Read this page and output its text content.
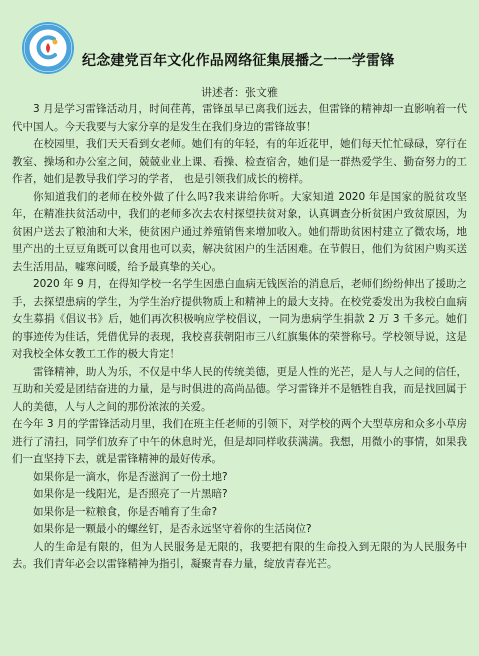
纪念建党百年文化作品网络征集展播之一一学雷锋
讲述者：张文雅

3 月是学习雷锋活动月，时间荏苒，雷锋虽早已离我们远去，但雷锋的精神却一直影响着一代代中国人。今天我要与大家分享的是发生在我们身边的雷锋故事！

在校园里，我们天天看到女老师。她们有的年轻，有的年近花甲，她们每天忙忙碌碌，穿行在教室、操场和办公室之间，兢兢业业上课、看操、检查宿舍，她们是一群热爱学生、勤奋努力的工作者，她们是教导我们学习的学者， 也是引领我们成长的榜样。

你知道我们的老师在校外做了什么吗?我来讲给你听。大家知道 2020 年是国家的脱贫攻坚年，在精准扶贫活动中，我们的老师多次去农村探望扶贫对象，认真调查分析贫困户致贫原因，为贫困户送去了粮油和大米，使贫困户通过养殖销售来增加收入。她们帮助贫困村建立了微农场，地里产出的土豆豆角既可以食用也可以卖，解决贫困户的生活困难。在节假日，他们为贫困户购买送去生活用品，嘘寒问暖，给予最真挚的关心。

2020 年 9 月，在得知学校一名学生因患白血病无钱医治的消息后，老师们纷纷伸出了援助之手，去探望患病的学生，为学生治疗提供物质上和精神上的最大支持。在校党委发出为我校白血病女生募捐《倡议书》后，她们再次积极响应学校倡议，一同为患病学生捐款 2 万 3 千多元。她们的事迹传为佳话，凭借优异的表现，我校喜获朝阳市三八红旗集体的荣誉称号。学校领导说，这是对我校全体女教工工作的极大肯定！

雷锋精神，助人为乐，不仅是中华人民的传统美德，更是人性的光芒，是人与人之间的信任，互助和关爱是团结奋进的力量，是与时俱进的高尚品德。学习雷锋并不是牺牲自我，而是找回属于人的美德，人与人之间的那份浓浓的关爱。

在今年 3 月的学雷锋活动月里，我们在班主任老师的引领下，对学校的两个大型草房和众多小草房进行了清扫，同学们放弃了中午的休息时光，但是却同样收获满满。我想，用微小的事情，如果我们一直坚持下去，就是雷锋精神的最好传承。

如果你是一滴水，你是否滋润了一份土地?

如果你是一线阳光，是否照亮了一片黑暗?

如果你是一粒粮食，你是否哺育了生命?

如果你是一颗最小的螺丝钉，是否永远坚守着你的生活岗位?

人的生命是有限的，但为人民服务是无限的，我要把有限的生命投入到无限的为人民服务中去。我们青年必会以雷锋精神为指引，凝聚青春力量，绽放青春光芒。
